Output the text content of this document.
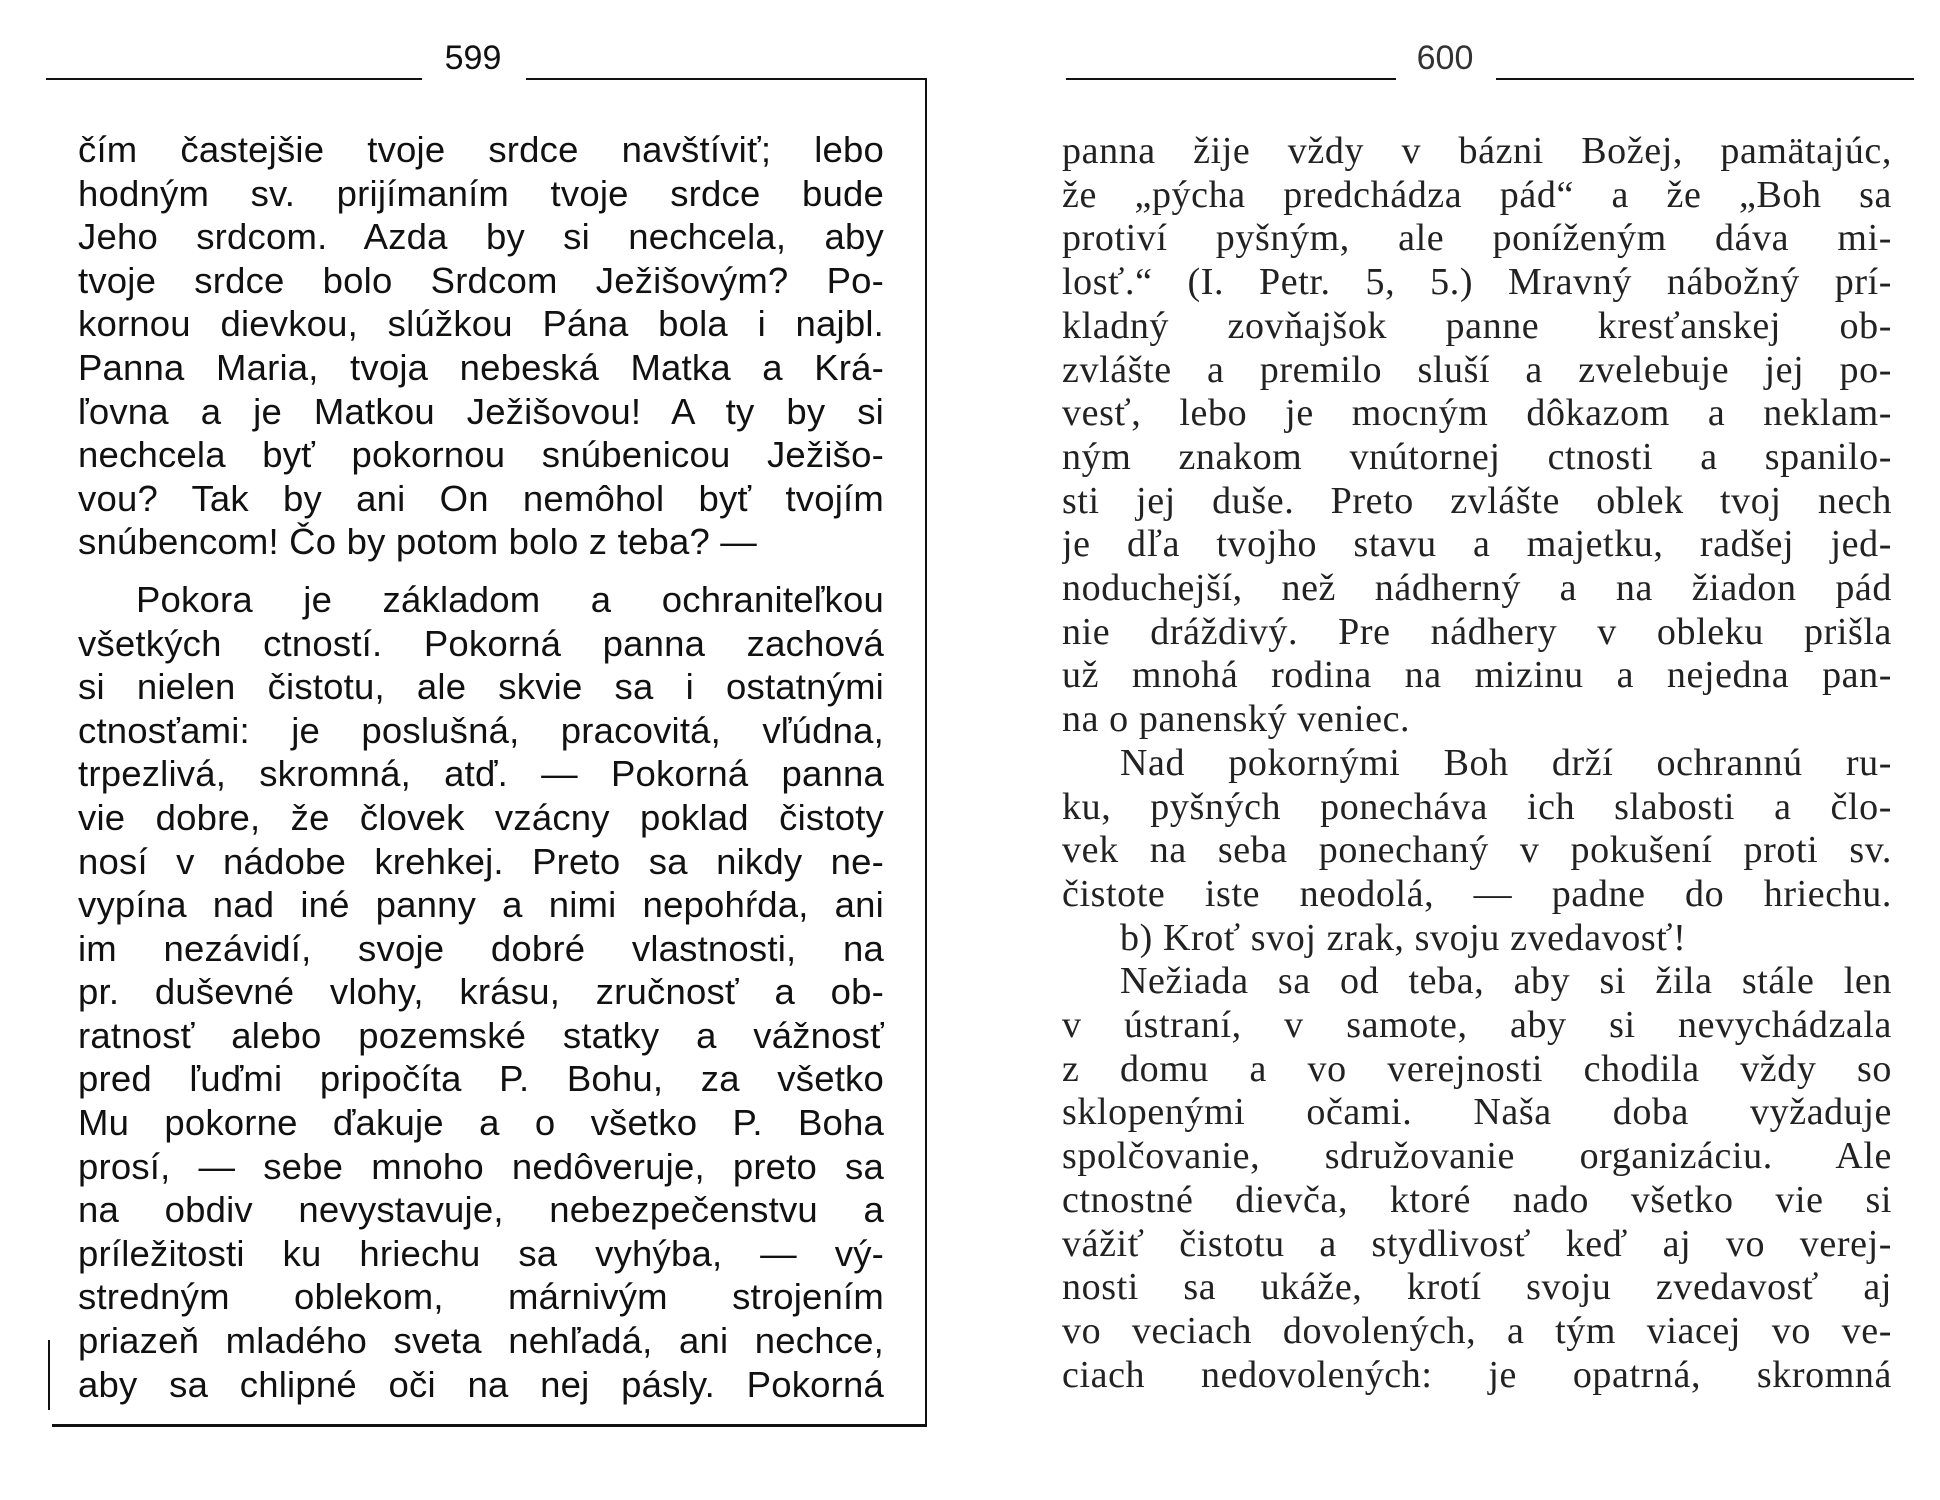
599
čím častejšie tvoje srdce navštíviť; lebo
hodným sv. prijímaním tvoje srdce bude
Jeho srdcom. Azda by si nechcela, aby
tvoje srdce bolo Srdcom Ježišovým? Po-
kornou dievkou, slúžkou Pána bola i najbl.
Panna Maria, tvoja nebeská Matka a Krá-
ľovna a je Matkou Ježišovou! A ty by si
nechcela byť pokornou snúbenicou Ježišo-
vou? Tak by ani On nemôhol byť tvojím
snúbencom! Čo by potom bolo z teba? —
Pokora je základom a ochraniteľkou
všetkých ctností. Pokorná panna zachová
si nielen čistotu, ale skvie sa i ostatnými
ctnosťami: je poslušná, pracovitá, vľúdna,
trpezlivá, skromná, atď. — Pokorná panna
vie dobre, že človek vzácny poklad čistoty
nosí v nádobe krehkej. Preto sa nikdy ne-
vypína nad iné panny a nimi nepohŕda, ani
im nezávidí, svoje dobré vlastnosti, na
pr. duševné vlohy, krásu, zručnosť a ob-
ratnosť alebo pozemské statky a vážnosť
pred ľuďmi pripočíta P. Bohu, za všetko
Mu pokorne ďakuje a o všetko P. Boha
prosí, — sebe mnoho nedôveruje, preto sa
na obdiv nevystavuje, nebezpečenstvu a
príležitosti ku hriechu sa vyhýba, — vý-
stredným oblekom, márnivým strojením
priazeň mladého sveta nehľadá, ani nechce,
aby sa chlipné oči na nej pásly. Pokorná
600
panna žije vždy v bázni Božej, pamätajúc,
že „pýcha predchádza pád“ a že „Boh sa
protiví pyšným, ale poníženým dáva mi-
losť.“ (I. Petr. 5, 5.) Mravný nábožný prí-
kladný zovňajšok panne kresťanskej ob-
zvlášte a premilo sluší a zvelebuje jej po-
vesť, lebo je mocným dôkazom a neklam-
ným znakom vnútornej ctnosti a spanilo-
sti jej duše. Preto zvlášte oblek tvoj nech
je dľa tvojho stavu a majetku, radšej jed-
noduchejší, než nádherný a na žiadon pád
nie dráždivý. Pre nádhery v obleku prišla
už mnohá rodina na mizinu a nejedna pan-
na o panenský veniec.
Nad pokornými Boh drží ochrannú ru-
ku, pyšných ponecháva ich slabosti a člo-
vek na seba ponechaný v pokušení proti sv.
čistote iste neodolá, — padne do hriechu.
b) Kroť svoj zrak, svoju zvedavosť!
Nežiada sa od teba, aby si žila stále len
v ústraní, v samote, aby si nevychádzala
z domu a vo verejnosti chodila vždy so
sklopenými očami. Naša doba vyžaduje
spolčovanie, sdružovanie organizáciu. Ale
ctnostné dievča, ktoré nado všetko vie si
vážiť čistotu a stydlivosť keď aj vo verej-
nosti sa ukáže, krotí svoju zvedavosť aj
vo veciach dovolených, a tým viacej vo ve-
ciach nedovolených: je opatrná, skromná
